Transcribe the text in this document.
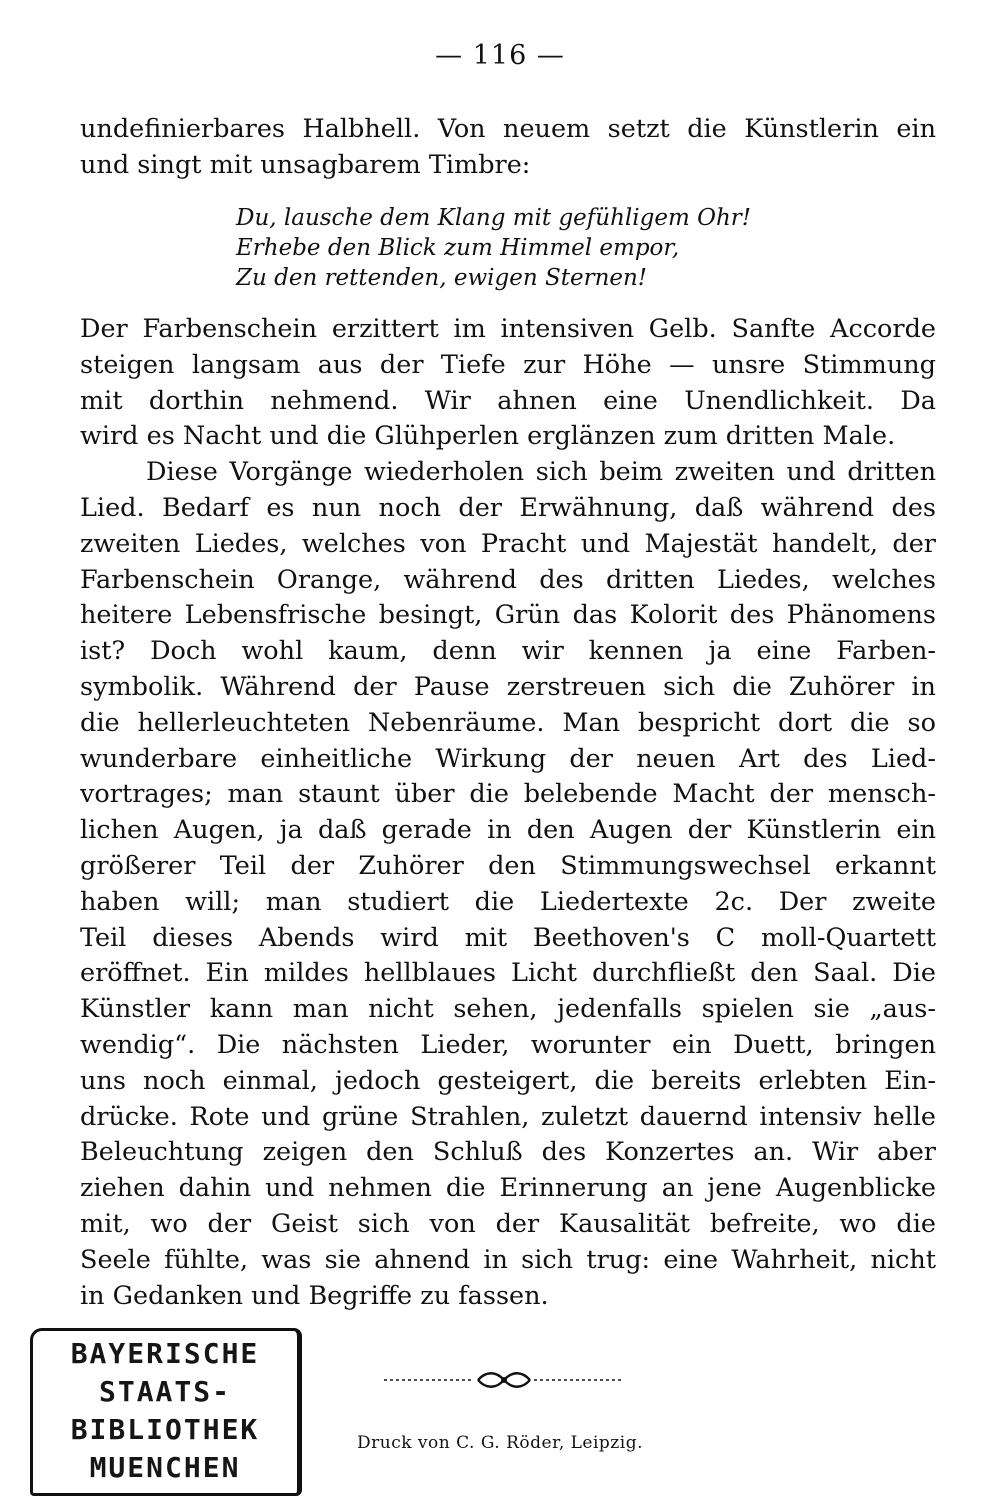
— 116 —
undefinierbares Halbhell. Von neuem setzt die Künstlerin ein
und singt mit unsagbarem Timbre:
Du, lausche dem Klang mit gefühligem Ohr!
Erhebe den Blick zum Himmel empor,
Zu den rettenden, ewigen Sternen!
Der Farbenschein erzittert im intensiven Gelb. Sanfte Accorde
steigen langsam aus der Tiefe zur Höhe — unsre Stimmung
mit dorthin nehmend. Wir ahnen eine Unendlichkeit. Da
wird es Nacht und die Glühperlen erglänzen zum dritten Male.
Diese Vorgänge wiederholen sich beim zweiten und dritten
Lied. Bedarf es nun noch der Erwähnung, daß während des
zweiten Liedes, welches von Pracht und Majestät handelt, der
Farbenschein Orange, während des dritten Liedes, welches
heitere Lebensfrische besingt, Grün das Kolorit des Phänomens
ist? Doch wohl kaum, denn wir kennen ja eine Farben-
symbolik. Während der Pause zerstreuen sich die Zuhörer in
die hellerleuchteten Nebenräume. Man bespricht dort die so
wunderbare einheitliche Wirkung der neuen Art des Lied-
vortrages; man staunt über die belebende Macht der mensch-
lichen Augen, ja daß gerade in den Augen der Künstlerin ein
größerer Teil der Zuhörer den Stimmungswechsel erkannt
haben will; man studiert die Liedertexte 2c. Der zweite
Teil dieses Abends wird mit Beethoven's C moll-Quartett
eröffnet. Ein mildes hellblaues Licht durchfließt den Saal. Die
Künstler kann man nicht sehen, jedenfalls spielen sie „aus-
wendig“. Die nächsten Lieder, worunter ein Duett, bringen
uns noch einmal, jedoch gesteigert, die bereits erlebten Ein-
drücke. Rote und grüne Strahlen, zuletzt dauernd intensiv helle
Beleuchtung zeigen den Schluß des Konzertes an. Wir aber
ziehen dahin und nehmen die Erinnerung an jene Augenblicke
mit, wo der Geist sich von der Kausalität befreite, wo die
Seele fühlte, was sie ahnend in sich trug: eine Wahrheit, nicht
in Gedanken und Begriffe zu fassen.
BAYERISCHE
STAATS-
BIBLIOTHEK
MUENCHEN
Druck von C. G. Röder, Leipzig.
